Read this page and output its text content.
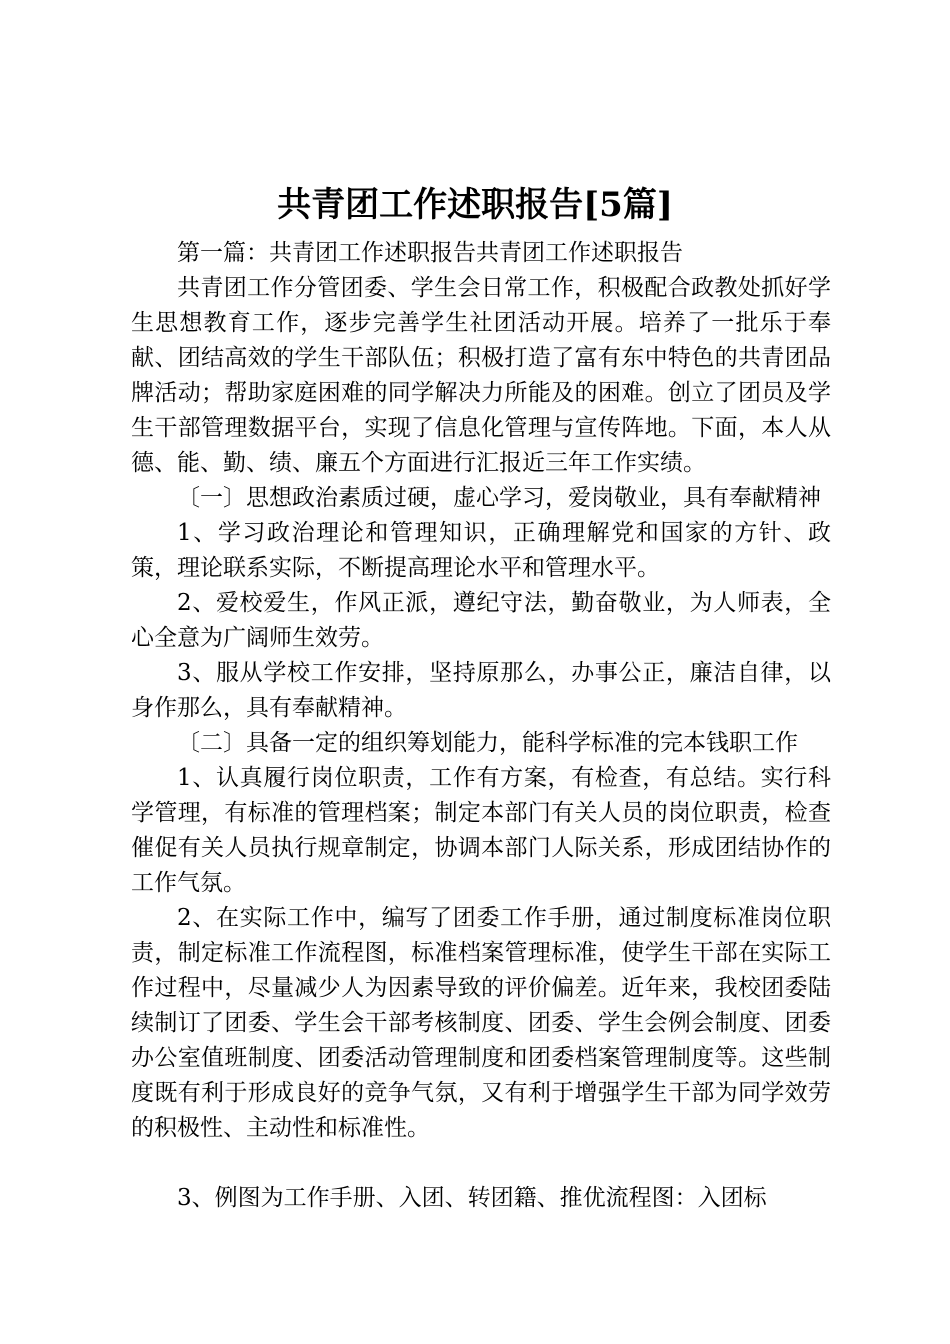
共青团工作述职报告[5篇]

第一篇：共青团工作述职报告共青团工作述职报告

共青团工作分管团委、学生会日常工作，积极配合政教处抓好学生思想教育工作，逐步完善学生社团活动开展。培养了一批乐于奉献、团结高效的学生干部队伍；积极打造了富有东中特色的共青团品牌活动；帮助家庭困难的同学解决力所能及的困难。创立了团员及学生干部管理数据平台，实现了信息化管理与宣传阵地。下面，本人从德、能、勤、绩、廉五个方面进行汇报近三年工作实绩。

〔一〕思想政治素质过硬，虚心学习，爱岗敬业，具有奉献精神

1、学习政治理论和管理知识，正确理解党和国家的方针、政策，理论联系实际，不断提高理论水平和管理水平。

2、爱校爱生，作风正派，遵纪守法，勤奋敬业，为人师表，全心全意为广阔师生效劳。

3、服从学校工作安排，坚持原那么，办事公正，廉洁自律，以身作那么，具有奉献精神。

〔二〕具备一定的组织筹划能力，能科学标准的完本钱职工作

1、认真履行岗位职责，工作有方案，有检查，有总结。实行科学管理，有标准的管理档案；制定本部门有关人员的岗位职责，检查催促有关人员执行规章制定，协调本部门人际关系，形成团结协作的工作气氛。

2、在实际工作中，编写了团委工作手册，通过制度标准岗位职责，制定标准工作流程图，标准档案管理标准，使学生干部在实际工作过程中，尽量减少人为因素导致的评价偏差。近年来，我校团委陆续制订了团委、学生会干部考核制度、团委、学生会例会制度、团委办公室值班制度、团委活动管理制度和团委档案管理制度等。这些制度既有利于形成良好的竞争气氛，又有利于增强学生干部为同学效劳的积极性、主动性和标准性。

3、例图为工作手册、入团、转团籍、推优流程图：入团标
